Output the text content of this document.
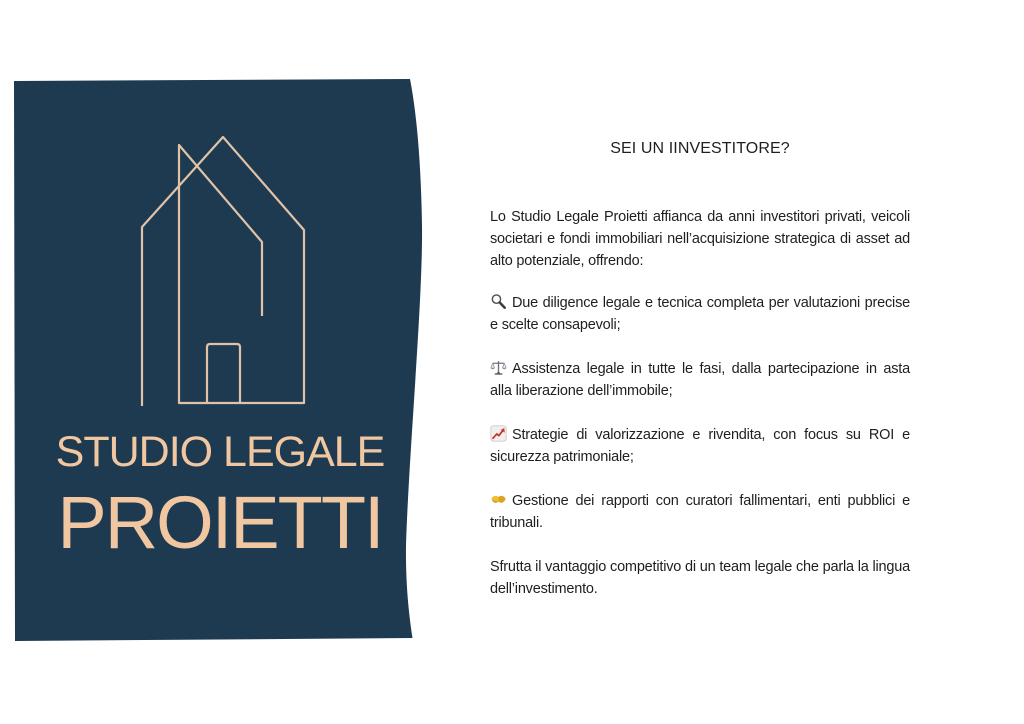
STUDIO LEGALE
PROIETTI
SEI UN IINVESTITORE?

Lo Studio Legale Proietti affianca da anni investitori privati, veicoli societari e fondi immobiliari nell’acquisizione strategica di asset ad alto potenziale, offrendo:

Due diligence legale e tecnica completa per valutazioni precise e scelte consapevoli;

Assistenza legale in tutte le fasi, dalla partecipazione in asta alla liberazione dell’immobile;

Strategie di valorizzazione e rivendita, con focus su ROI e sicurezza patrimoniale;

Gestione dei rapporti con curatori fallimentari, enti pubblici e tribunali.

Sfrutta il vantaggio competitivo di un team legale che parla la lingua dell’investimento.
